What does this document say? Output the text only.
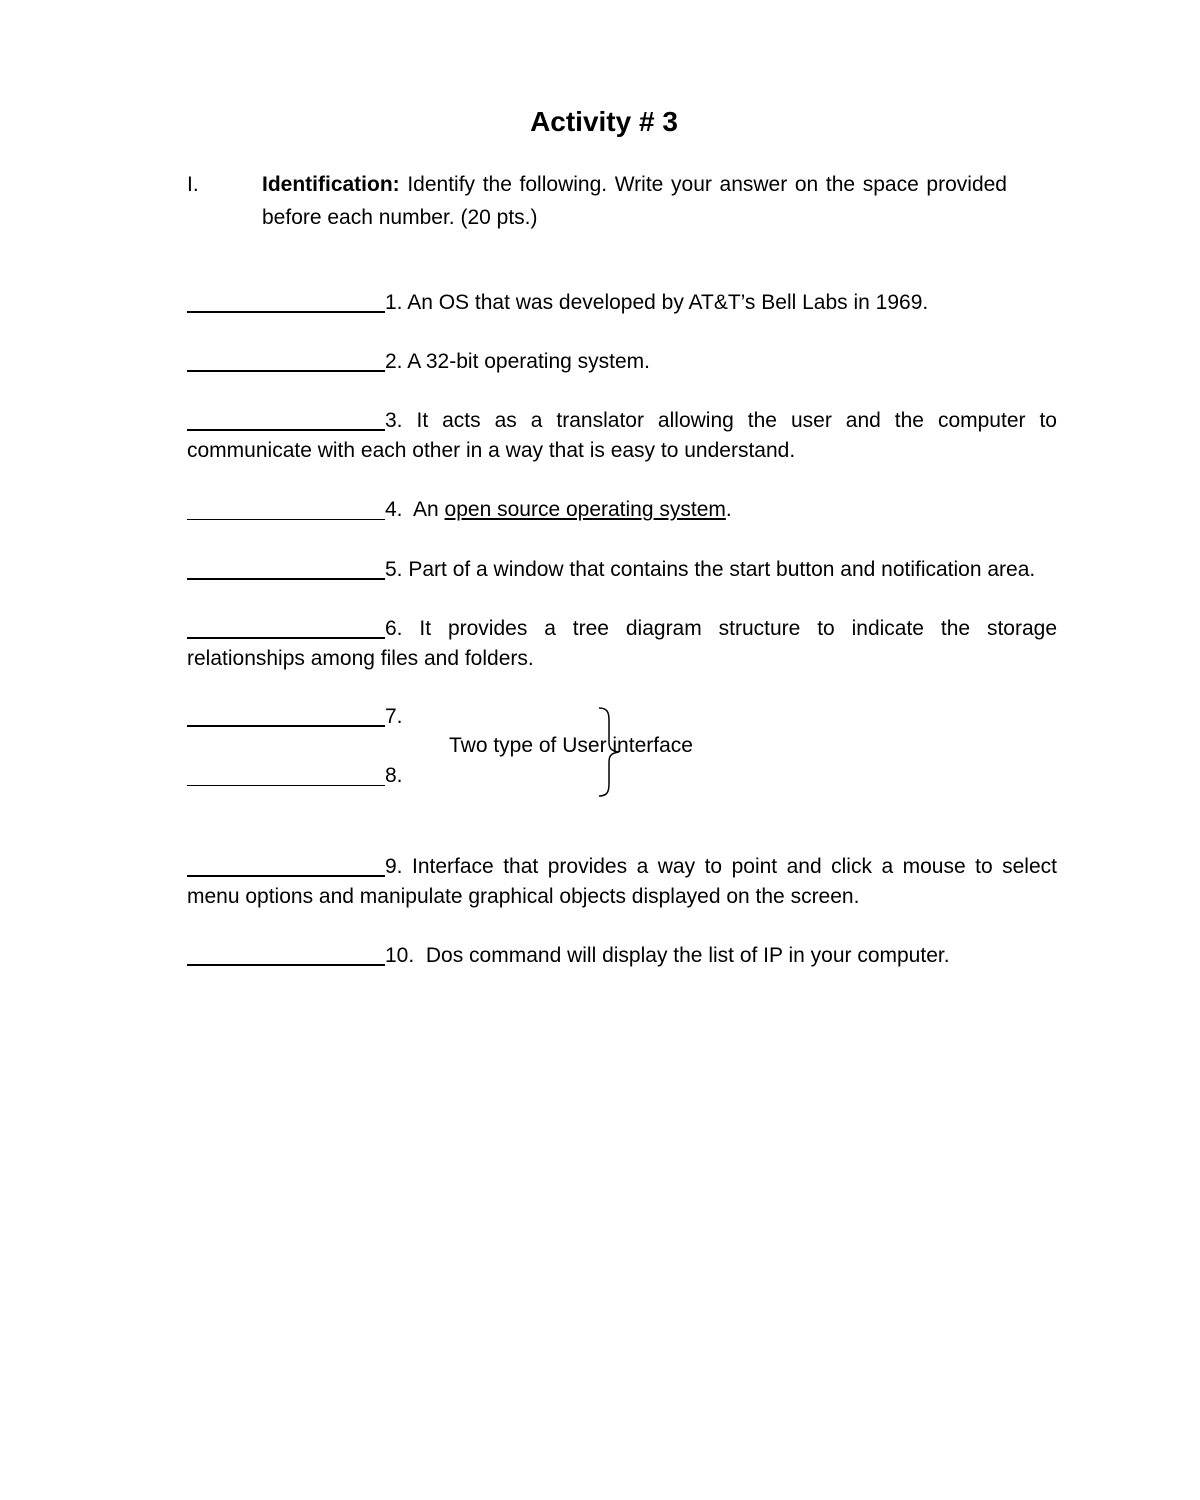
Activity # 3
I.	Identification: Identify the following. Write your answer on the space provided before each number. (20 pts.)
1. An OS that was developed by AT&T’s Bell Labs in 1969.
2. A 32-bit operating system.
3. It acts as a translator allowing the user and the computer to communicate with each other in a way that is easy to understand.
4.  An open source operating system.
5. Part of a window that contains the start button and notification area.
6. It provides a tree diagram structure to indicate the storage relationships among files and folders.
7.
8.
Two type of User interface
9. Interface that provides a way to point and click a mouse to select menu options and manipulate graphical objects displayed on the screen.
10.  Dos command will display the list of IP in your computer.
